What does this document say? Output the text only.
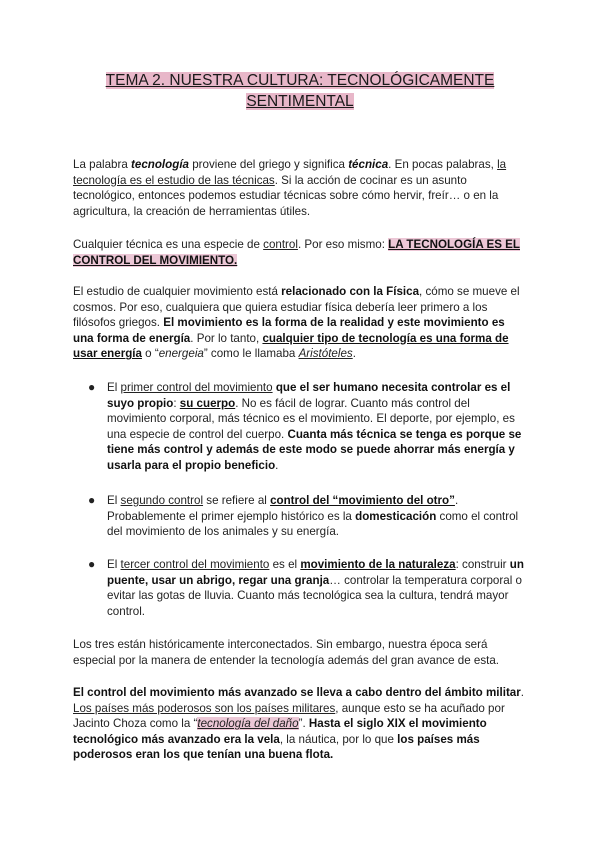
TEMA 2. NUESTRA CULTURA: TECNOLÓGICAMENTE
SENTIMENTAL
La palabra tecnología proviene del griego y significa técnica. En pocas palabras, la tecnología es el estudio de las técnicas. Si la acción de cocinar es un asunto tecnológico, entonces podemos estudiar técnicas sobre cómo hervir, freír… o en la agricultura, la creación de herramientas útiles.
Cualquier técnica es una especie de control. Por eso mismo: LA TECNOLOGÍA ES EL CONTROL DEL MOVIMIENTO.
El estudio de cualquier movimiento está relacionado con la Física, cómo se mueve el cosmos. Por eso, cualquiera que quiera estudiar física debería leer primero a los filósofos griegos. El movimiento es la forma de la realidad y este movimiento es una forma de energía. Por lo tanto, cualquier tipo de tecnología es una forma de usar energía o “energeia” como le llamaba Aristóteles.
● El primer control del movimiento que el ser humano necesita controlar es el suyo propio: su cuerpo. No es fácil de lograr. Cuanto más control del movimiento corporal, más técnico es el movimiento. El deporte, por ejemplo, es una especie de control del cuerpo. Cuanta más técnica se tenga es porque se tiene más control y además de este modo se puede ahorrar más energía y usarla para el propio beneficio.
● El segundo control se refiere al control del “movimiento del otro”. Probablemente el primer ejemplo histórico es la domesticación como el control del movimiento de los animales y su energía.
● El tercer control del movimiento es el movimiento de la naturaleza: construir un puente, usar un abrigo, regar una granja… controlar la temperatura corporal o evitar las gotas de lluvia. Cuanto más tecnológica sea la cultura, tendrá mayor control.
Los tres están históricamente interconectados. Sin embargo, nuestra época será especial por la manera de entender la tecnología además del gran avance de esta.
El control del movimiento más avanzado se lleva a cabo dentro del ámbito militar. Los países más poderosos son los países militares, aunque esto se ha acuñado por Jacinto Choza como la “tecnología del daño”. Hasta el siglo XIX el movimiento tecnológico más avanzado era la vela, la náutica, por lo que los países más poderosos eran los que tenían una buena flota.
